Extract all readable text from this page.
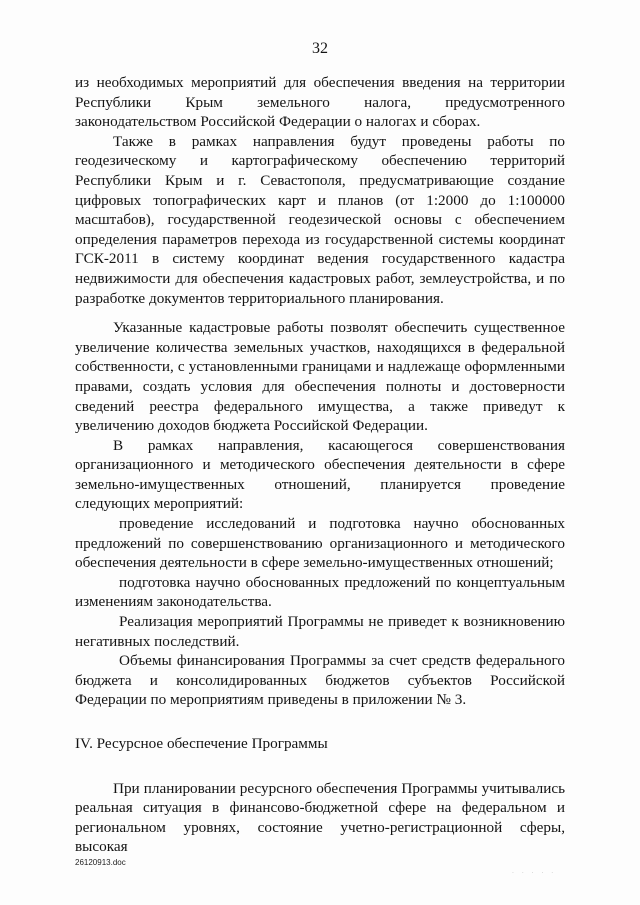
32

из необходимых мероприятий для обеспечения введения на территории Республики Крым земельного налога, предусмотренного законодательством Российской Федерации о налогах и сборах.

Также в рамках направления будут проведены работы по геодезическому и картографическому обеспечению территорий Республики Крым и г. Севастополя, предусматривающие создание цифровых топографических карт и планов (от 1:2000 до 1:100000 масштабов), государственной геодезической основы с обеспечением определения параметров перехода из государственной системы координат ГСК-2011 в систему координат ведения государственного кадастра недвижимости для обеспечения кадастровых работ, землеустройства, и по разработке документов территориального планирования.

Указанные кадастровые работы позволят обеспечить существенное увеличение количества земельных участков, находящихся в федеральной собственности, с установленными границами и надлежаще оформленными правами, создать условия для обеспечения полноты и достоверности сведений реестра федерального имущества, а также приведут к увеличению доходов бюджета Российской Федерации.

В рамках направления, касающегося совершенствования организационного и методического обеспечения деятельности в сфере земельно-имущественных отношений, планируется проведение следующих мероприятий:

проведение исследований и подготовка научно обоснованных предложений по совершенствованию организационного и методического обеспечения деятельности в сфере земельно-имущественных отношений;

подготовка научно обоснованных предложений по концептуальным изменениям законодательства.

Реализация мероприятий Программы не приведет к возникновению негативных последствий.

Объемы финансирования Программы за счет средств федерального бюджета и консолидированных бюджетов субъектов Российской Федерации по мероприятиям приведены в приложении № 3.

IV. Ресурсное обеспечение Программы

При планировании ресурсного обеспечения Программы учитывались реальная ситуация в финансово-бюджетной сфере на федеральном и региональном уровнях, состояние учетно-регистрационной сферы, высокая

26120913.doc
· · · · ·
